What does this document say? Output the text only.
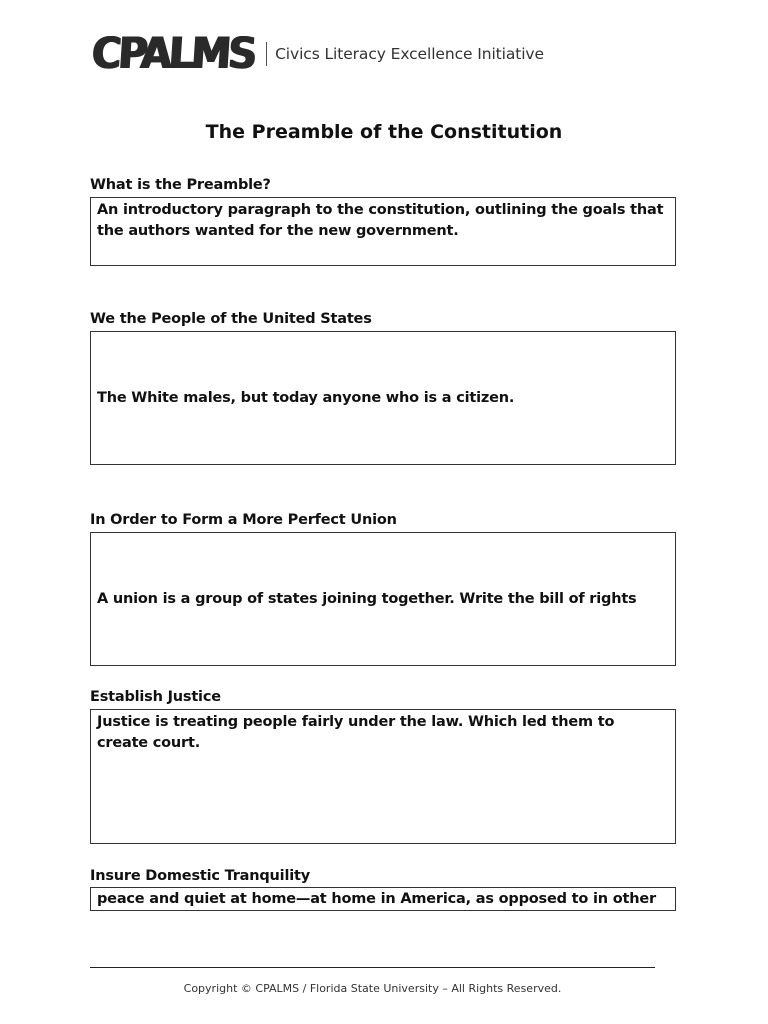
CPALMS Civics Literacy Excellence Initiative
The Preamble of the Constitution
What is the Preamble?
An introductory paragraph to the constitution, outlining the goals that the authors wanted for the new government.
We the People of the United States
The White males, but today anyone who is a citizen.
In Order to Form a More Perfect Union
A union is a group of states joining together. Write the bill of rights
Establish Justice
Justice is treating people fairly under the law. Which led them to create court.
Insure Domestic Tranquility
peace and quiet at home—at home in America, as opposed to in other
Copyright © CPALMS / Florida State University – All Rights Reserved.
